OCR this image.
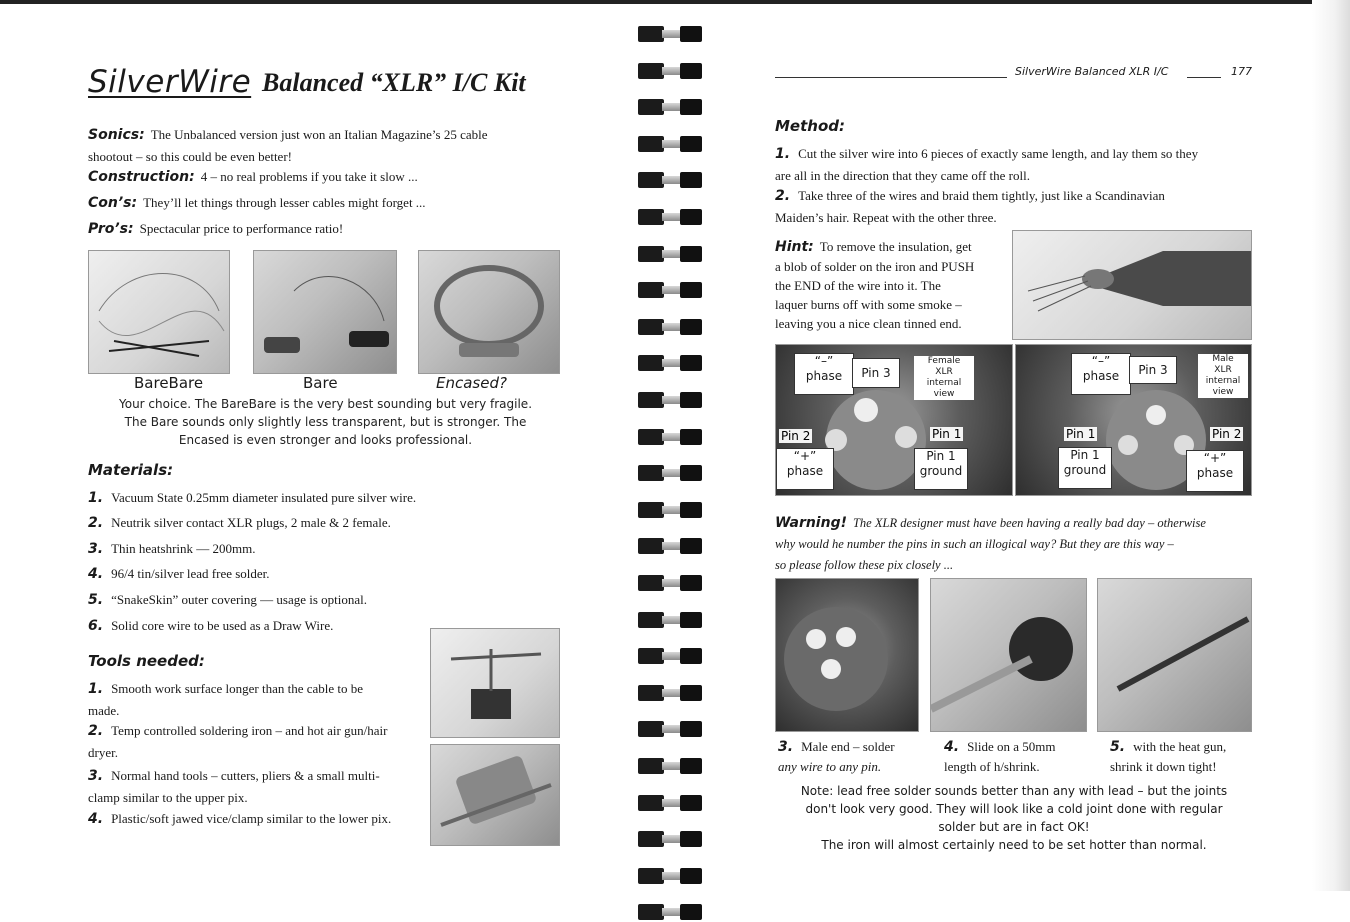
SilverWire Balanced “XLR” I/C Kit
Sonics: The Unbalanced version just won an Italian Magazine’s 25 cable
shootout – so this could be even better!
Construction: 4 – no real problems if you take it slow ...
Con’s: They’ll let things through lesser cables might forget ...
Pro’s: Spectacular price to performance ratio!
BareBare	Bare	Encased?
Your choice. The BareBare is the very best sounding but very fragile.
The Bare sounds only slightly less transparent, but is stronger. The
Encased is even stronger and looks professional.
Materials:
1. Vacuum State 0.25mm diameter insulated pure silver wire.
2. Neutrik silver contact XLR plugs, 2 male & 2 female.
3. Thin heatshrink — 200mm.
4. 96/4 tin/silver lead free solder.
5. “SnakeSkin” outer covering — usage is optional.
6. Solid core wire to be used as a Draw Wire.
Tools needed:
1. Smooth work surface longer than the cable to be
made.
2. Temp controlled soldering iron – and hot air gun/hair
dryer.
3. Normal hand tools – cutters, pliers & a small multi-
clamp similar to the upper pix.
4. Plastic/soft jawed vice/clamp similar to the lower pix.
SilverWire Balanced XLR I/C	177
Method:
1. Cut the silver wire into 6 pieces of exactly same length, and lay them so they
are all in the direction that they came off the roll.
2. Take three of the wires and braid them tightly, just like a Scandinavian
Maiden’s hair. Repeat with the other three.
Hint: To remove the insulation, get
a blob of solder on the iron and PUSH
the END of the wire into it. The
laquer burns off with some smoke –
leaving you a nice clean tinned end.
“–”
phase	Pin 3
Female
XLR
internal
view
Pin 2	Pin 1
“+”
phase
Pin 1
ground
“–”
phase	Pin 3
Male
XLR
internal
view
Pin 1	Pin 2
Pin 1
ground
“+”
phase
Warning! The XLR designer must have been having a really bad day – otherwise
why would he number the pins in such an illogical way? But they are this way –
so please follow these pix closely ...
3. Male end – solder
any wire to any pin.
4. Slide on a 50mm
length of h/shrink.
5. with the heat gun,
shrink it down tight!
Note: lead free solder sounds better than any with lead – but the joints
don't look very good. They will look like a cold joint done with regular
solder but are in fact OK!
The iron will almost certainly need to be set hotter than normal.
